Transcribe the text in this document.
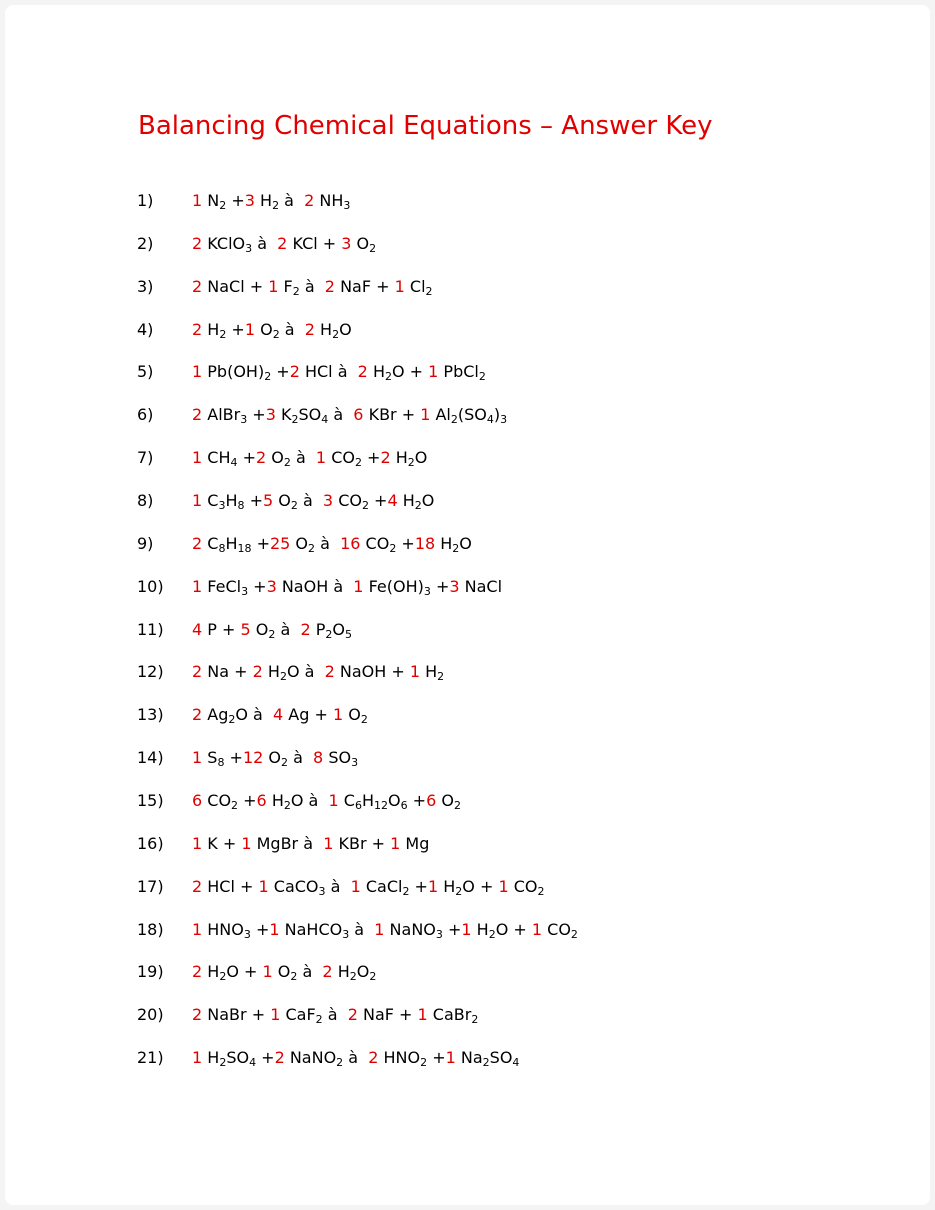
Balancing Chemical Equations – Answer Key
1) 1 N2 +3 H2 à  2 NH3
2) 2 KClO3 à  2 KCl + 3 O2
3) 2 NaCl + 1 F2 à  2 NaF + 1 Cl2
4) 2 H2 +1 O2 à  2 H2O
5) 1 Pb(OH)2 +2 HCl à  2 H2O + 1 PbCl2
6) 2 AlBr3 +3 K2SO4 à  6 KBr + 1 Al2(SO4)3
7) 1 CH4 +2 O2 à  1 CO2 +2 H2O
8) 1 C3H8 +5 O2 à  3 CO2 +4 H2O
9) 2 C8H18 +25 O2 à  16 CO2 +18 H2O
10) 1 FeCl3 +3 NaOH à  1 Fe(OH)3 +3 NaCl
11) 4 P + 5 O2 à  2 P2O5
12) 2 Na + 2 H2O à  2 NaOH + 1 H2
13) 2 Ag2O à  4 Ag + 1 O2
14) 1 S8 +12 O2 à  8 SO3
15) 6 CO2 +6 H2O à  1 C6H12O6 +6 O2
16) 1 K + 1 MgBr à  1 KBr + 1 Mg
17) 2 HCl + 1 CaCO3 à  1 CaCl2 +1 H2O + 1 CO2
18) 1 HNO3 +1 NaHCO3 à  1 NaNO3 +1 H2O + 1 CO2
19) 2 H2O + 1 O2 à  2 H2O2
20) 2 NaBr + 1 CaF2 à  2 NaF + 1 CaBr2
21) 1 H2SO4 +2 NaNO2 à  2 HNO2 +1 Na2SO4
